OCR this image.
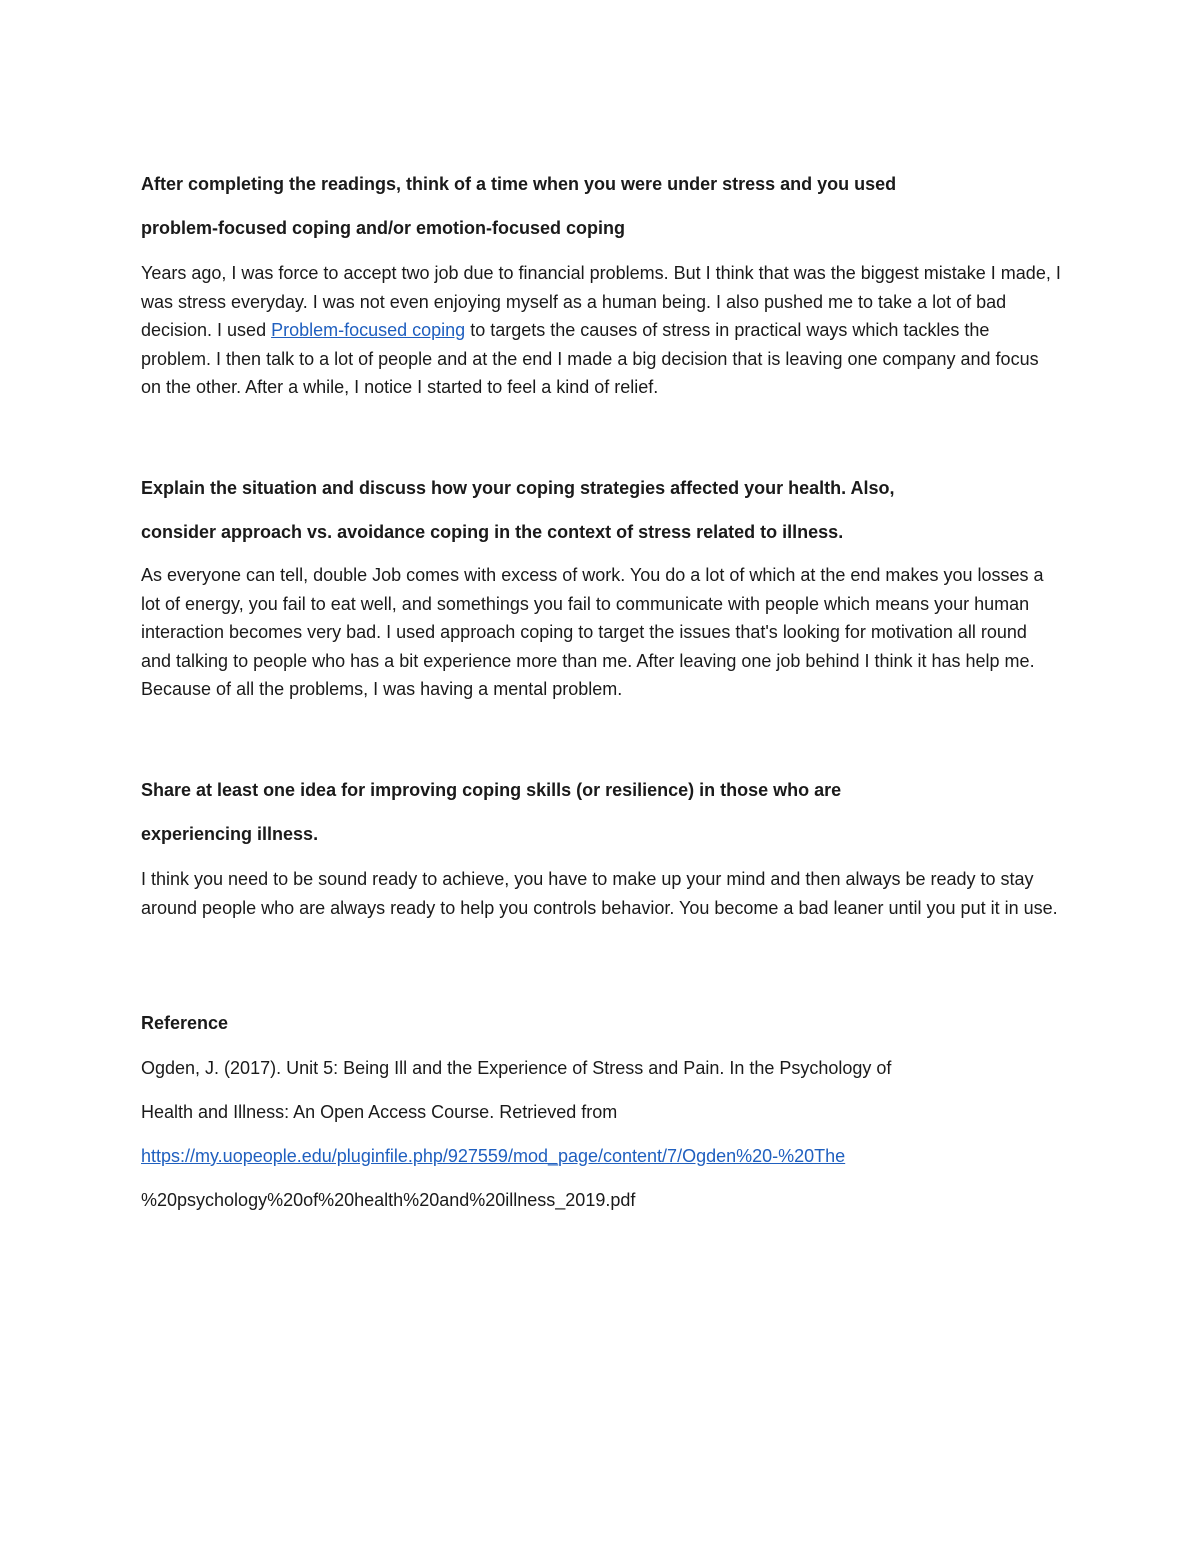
After completing the readings, think of a time when you were under stress and you used
problem-focused coping and/or emotion-focused coping
Years ago, I was force to accept two job due to financial problems. But I think that was the biggest mistake I made, I was stress everyday. I was not even enjoying myself as a human being. I also pushed me to take a lot of bad decision. I used Problem-focused coping to targets the causes of stress in practical ways which tackles the problem. I then talk to a lot of people and at the end I made a big decision that is leaving one company and focus on the other. After a while, I notice I started to feel a kind of relief.
Explain the situation and discuss how your coping strategies affected your health. Also,
consider approach vs. avoidance coping in the context of stress related to illness.
As everyone can tell, double Job comes with excess of work. You do a lot of which at the end makes you losses a lot of energy, you fail to eat well, and somethings you fail to communicate with people which means your human interaction becomes very bad. I used approach coping to target the issues that's looking for motivation all round and talking to people who has a bit experience more than me. After leaving one job behind I think it has help me. Because of all the problems, I was having a mental problem.
Share at least one idea for improving coping skills (or resilience) in those who are
experiencing illness.
I think you need to be sound ready to achieve, you have to make up your mind and then always be ready to stay around people who are always ready to help you controls behavior. You become a bad leaner until you put it in use.
Reference
Ogden, J. (2017). Unit 5: Being Ill and the Experience of Stress and Pain. In the Psychology of
Health and Illness: An Open Access Course. Retrieved from
https://my.uopeople.edu/pluginfile.php/927559/mod_page/content/7/Ogden%20-%20The
%20psychology%20of%20health%20and%20illness_2019.pdf
